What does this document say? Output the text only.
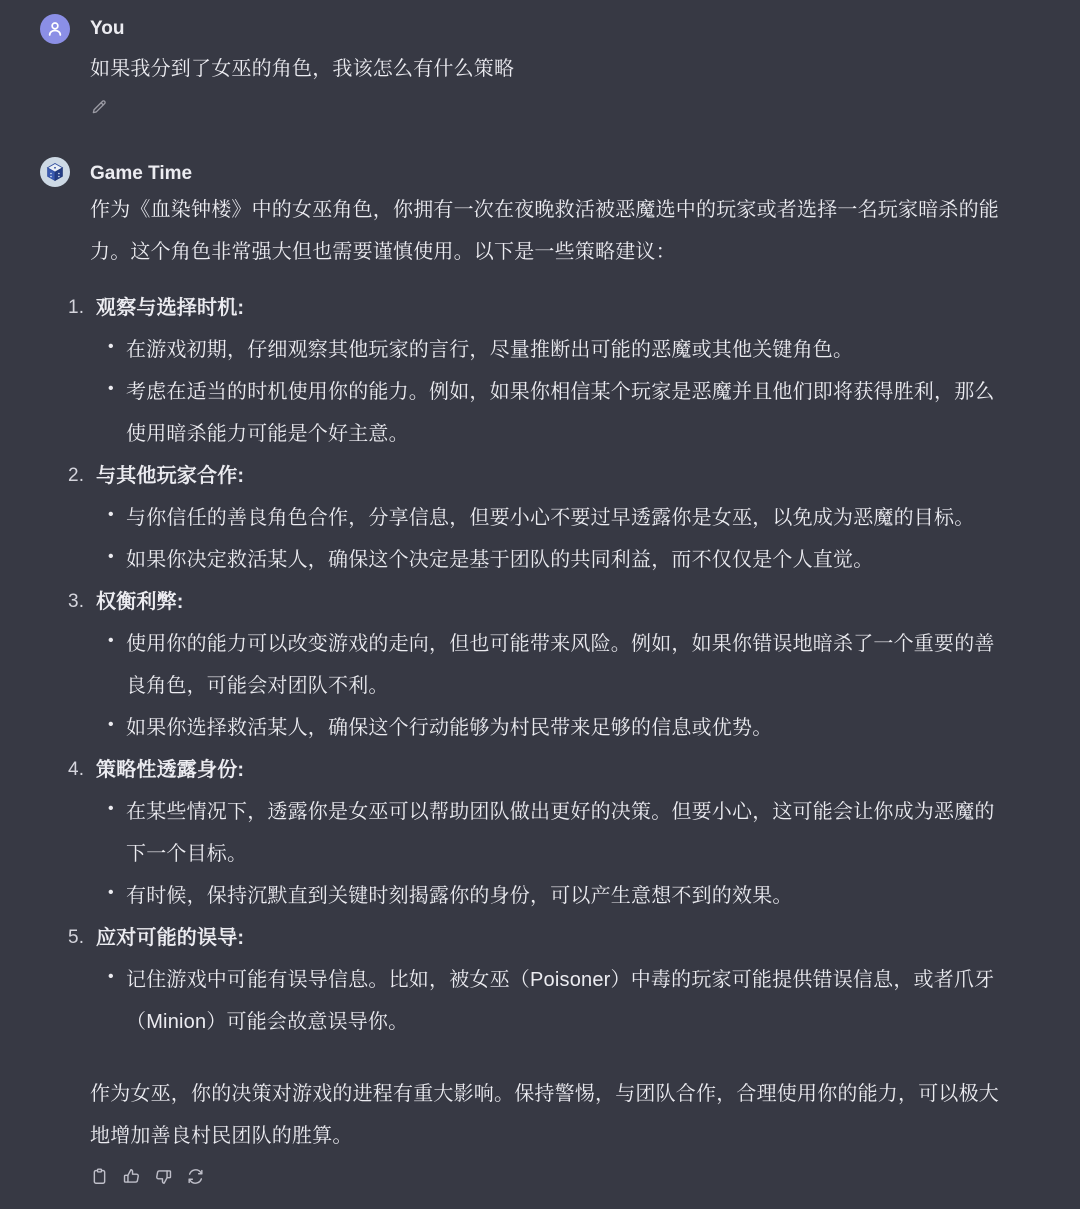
You
如果我分到了女巫的角色，我该怎么有什么策略
Game Time

作为《血染钟楼》中的女巫角色，你拥有一次在夜晚救活被恶魔选中的玩家或者选择一名玩家暗杀的能力。这个角色非常强大但也需要谨慎使用。以下是一些策略建议：

1. 观察与选择时机:
• 在游戏初期，仔细观察其他玩家的言行，尽量推断出可能的恶魔或其他关键角色。
• 考虑在适当的时机使用你的能力。例如，如果你相信某个玩家是恶魔并且他们即将获得胜利，那么使用暗杀能力可能是个好主意。
2. 与其他玩家合作:
• 与你信任的善良角色合作，分享信息，但要小心不要过早透露你是女巫，以免成为恶魔的目标。
• 如果你决定救活某人，确保这个决定是基于团队的共同利益，而不仅仅是个人直觉。
3. 权衡利弊:
• 使用你的能力可以改变游戏的走向，但也可能带来风险。例如，如果你错误地暗杀了一个重要的善良角色，可能会对团队不利。
• 如果你选择救活某人，确保这个行动能够为村民带来足够的信息或优势。
4. 策略性透露身份:
• 在某些情况下，透露你是女巫可以帮助团队做出更好的决策。但要小心，这可能会让你成为恶魔的下一个目标。
• 有时候，保持沉默直到关键时刻揭露你的身份，可以产生意想不到的效果。
5. 应对可能的误导:
• 记住游戏中可能有误导信息。比如，被女巫（Poisoner）中毒的玩家可能提供错误信息，或者爪牙（Minion）可能会故意误导你。

作为女巫，你的决策对游戏的进程有重大影响。保持警惕，与团队合作，合理使用你的能力，可以极大地增加善良村民团队的胜算。
